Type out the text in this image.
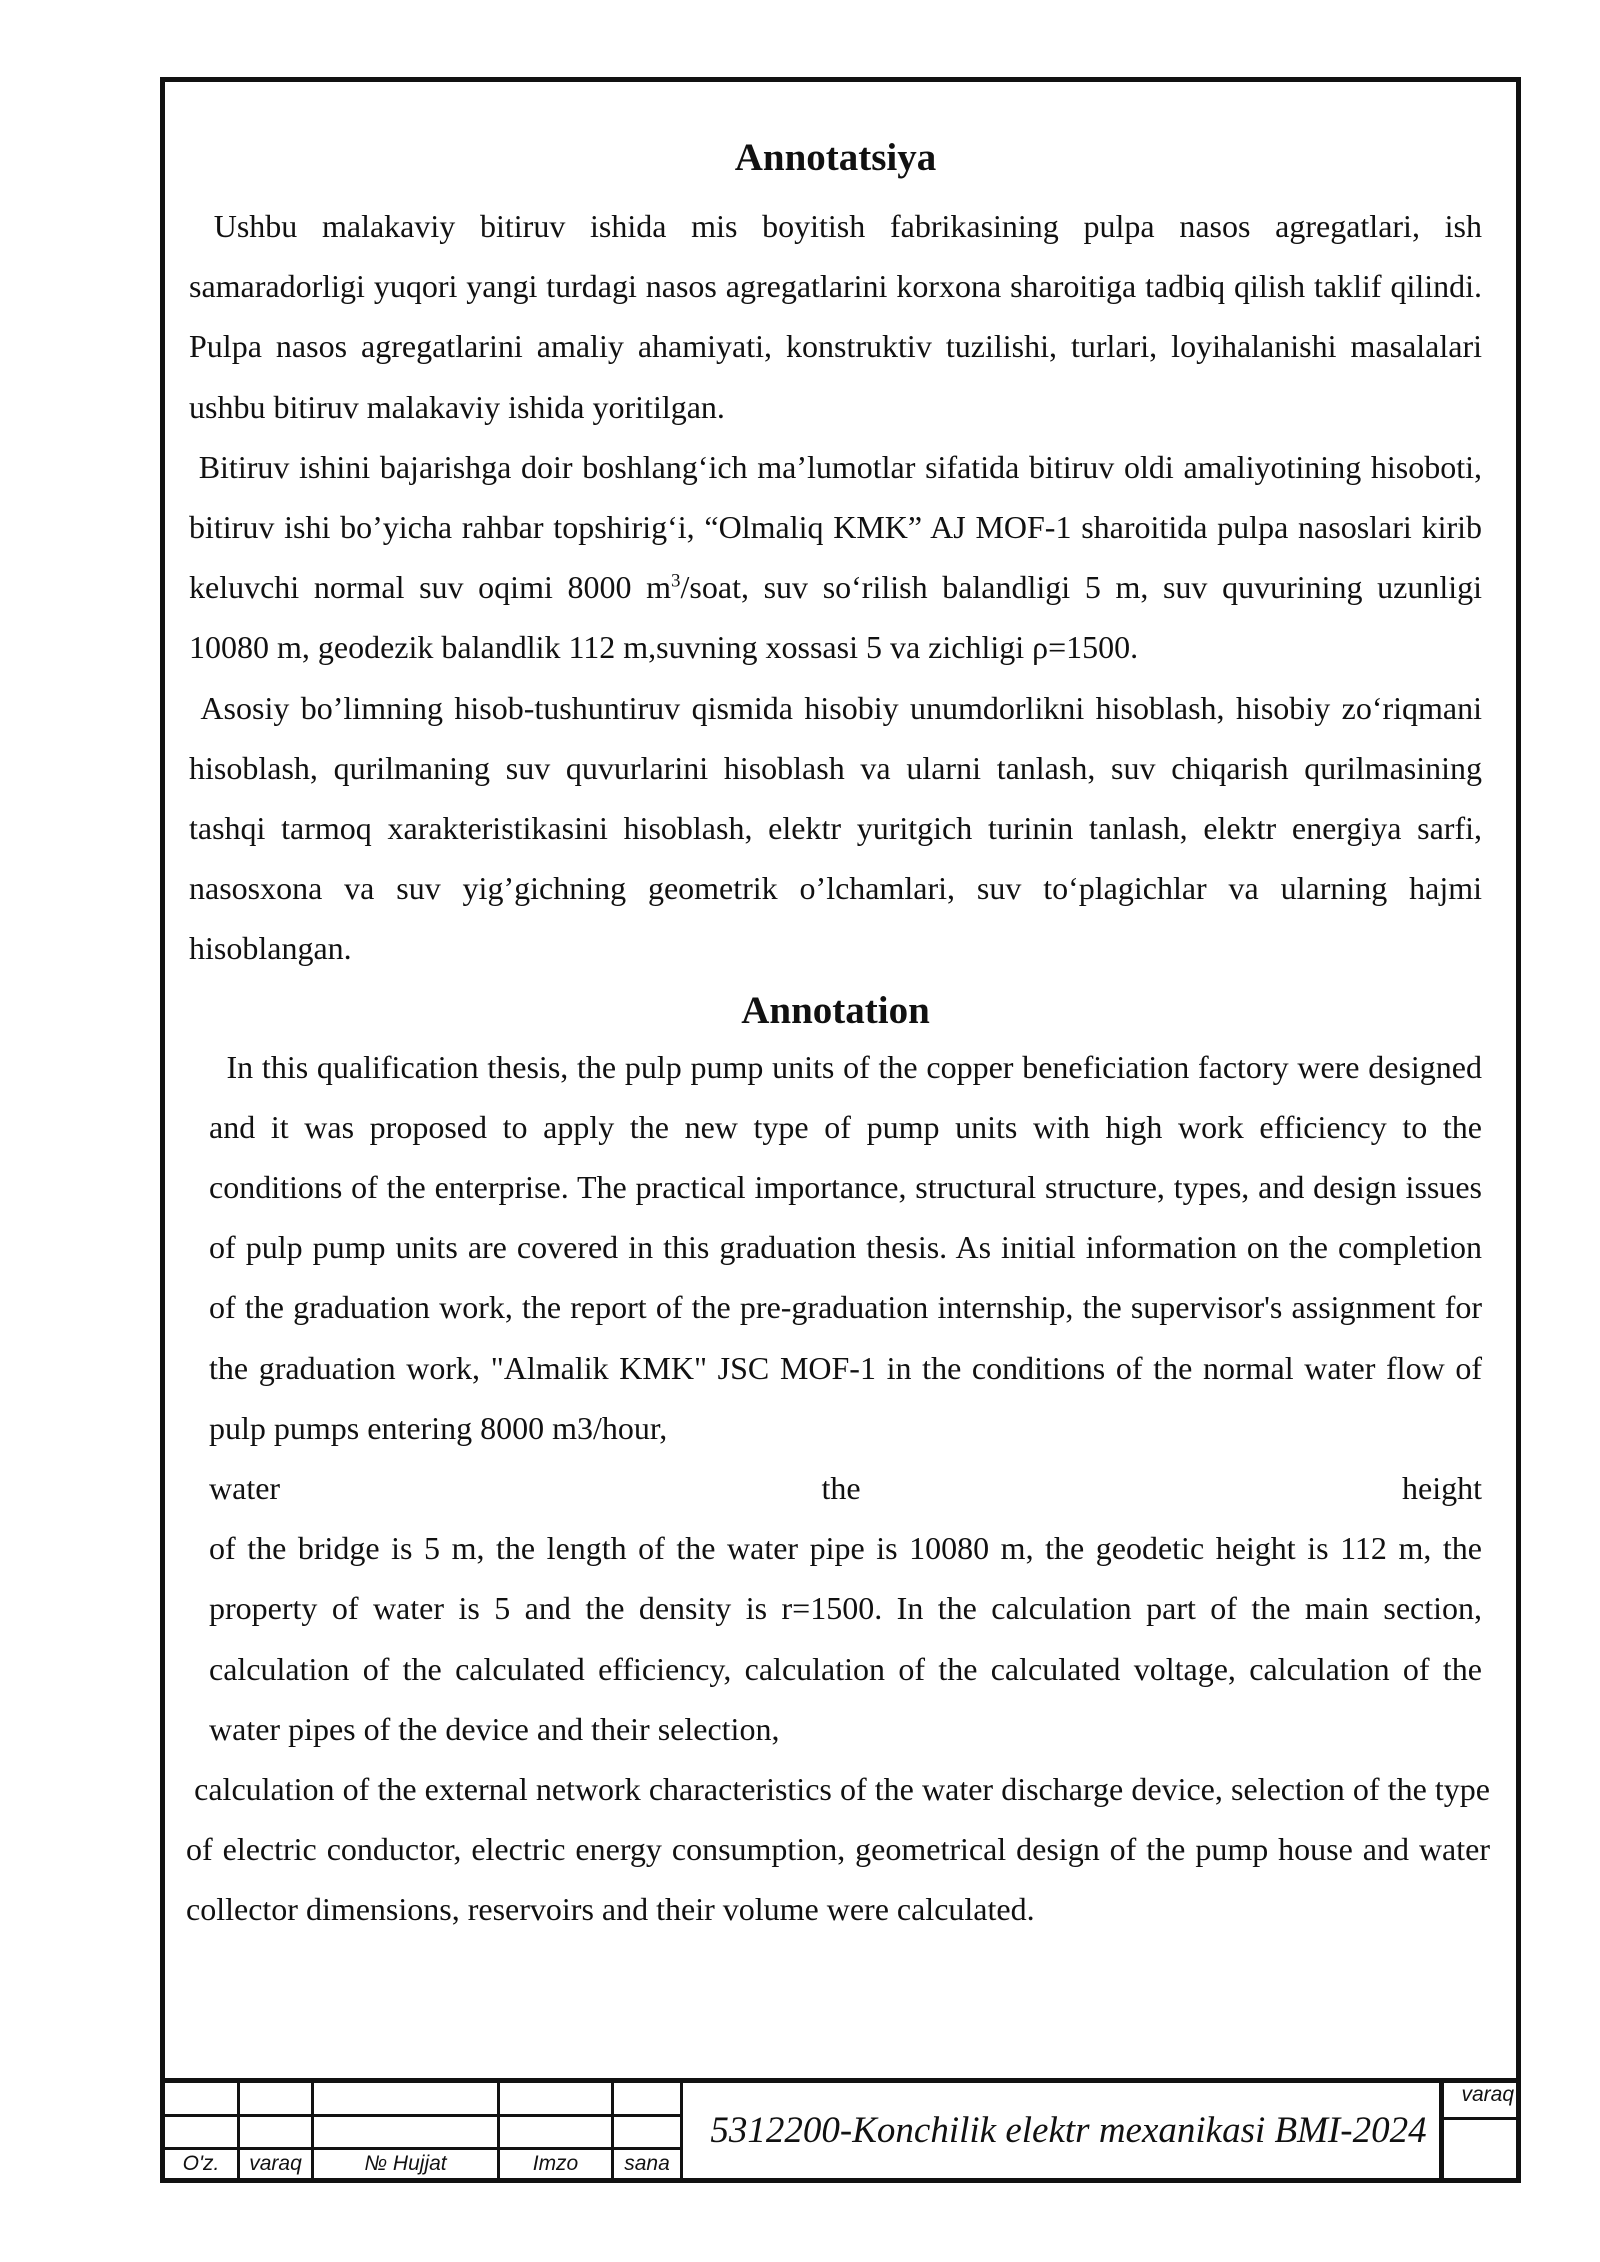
Annotatsiya

Ushbu malakaviy bitiruv ishida mis boyitish fabrikasining pulpa nasos agregatlari, ish samaradorligi yuqori yangi turdagi nasos agregatlarini korxona sharoitiga tadbiq qilish taklif qilindi. Pulpa nasos agregatlarini amaliy ahamiyati, konstruktiv tuzilishi, turlari, loyihalanishi masalalari ushbu bitiruv malakaviy ishida yoritilgan.

Bitiruv ishini bajarishga doir boshlang‘ich ma’lumotlar sifatida bitiruv oldi amaliyotining hisoboti, bitiruv ishi bo’yicha rahbar topshirig‘i, “Olmaliq KMK” AJ MOF-1 sharoitida pulpa nasoslari kirib keluvchi normal suv oqimi 8000 $m^3$/soat, suv so‘rilish balandligi 5 m, suv quvurining uzunligi 10080 m, geodezik balandlik 112 m,suvning xossasi 5 va zichligi ρ=1500.

Asosiy bo’limning hisob-tushuntiruv qismida hisobiy unumdorlikni hisoblash, hisobiy zo‘riqmani hisoblash, qurilmaning suv quvurlarini hisoblash va ularni tanlash, suv chiqarish qurilmasining tashqi tarmoq xarakteristikasini hisoblash, elektr yuritgich turinin tanlash, elektr energiya sarfi, nasosxona va suv yig’gichning geometrik o’lchamlari, suv to‘plagichlar va ularning hajmi hisoblangan.

Annotation

In this qualification thesis, the pulp pump units of the copper beneficiation factory were designed and it was proposed to apply the new type of pump units with high work efficiency to the conditions of the enterprise. The practical importance, structural structure, types, and design issues of pulp pump units are covered in this graduation thesis. As initial information on the completion of the graduation work, the report of the pre-graduation internship, the supervisor's assignment for the graduation work, "Almalik KMK" JSC MOF-1 in the conditions of the normal water flow of pulp pumps entering 8000 m3/hour,

water the height

of the bridge is 5 m, the length of the water pipe is 10080 m, the geodetic height is 112 m, the property of water is 5 and the density is r=1500. In the calculation part of the main section, calculation of the calculated efficiency, calculation of the calculated voltage, calculation of the water pipes of the device and their selection,

calculation of the external network characteristics of the water discharge device, selection of the type of electric conductor, electric energy consumption, geometrical design of the pump house and water collector dimensions, reservoirs and their volume were calculated.

O'z.	varaq	№ Hujjat	Imzo	sana
5312200-Konchilik elektr mexanikasi BMI-2024
varaq
